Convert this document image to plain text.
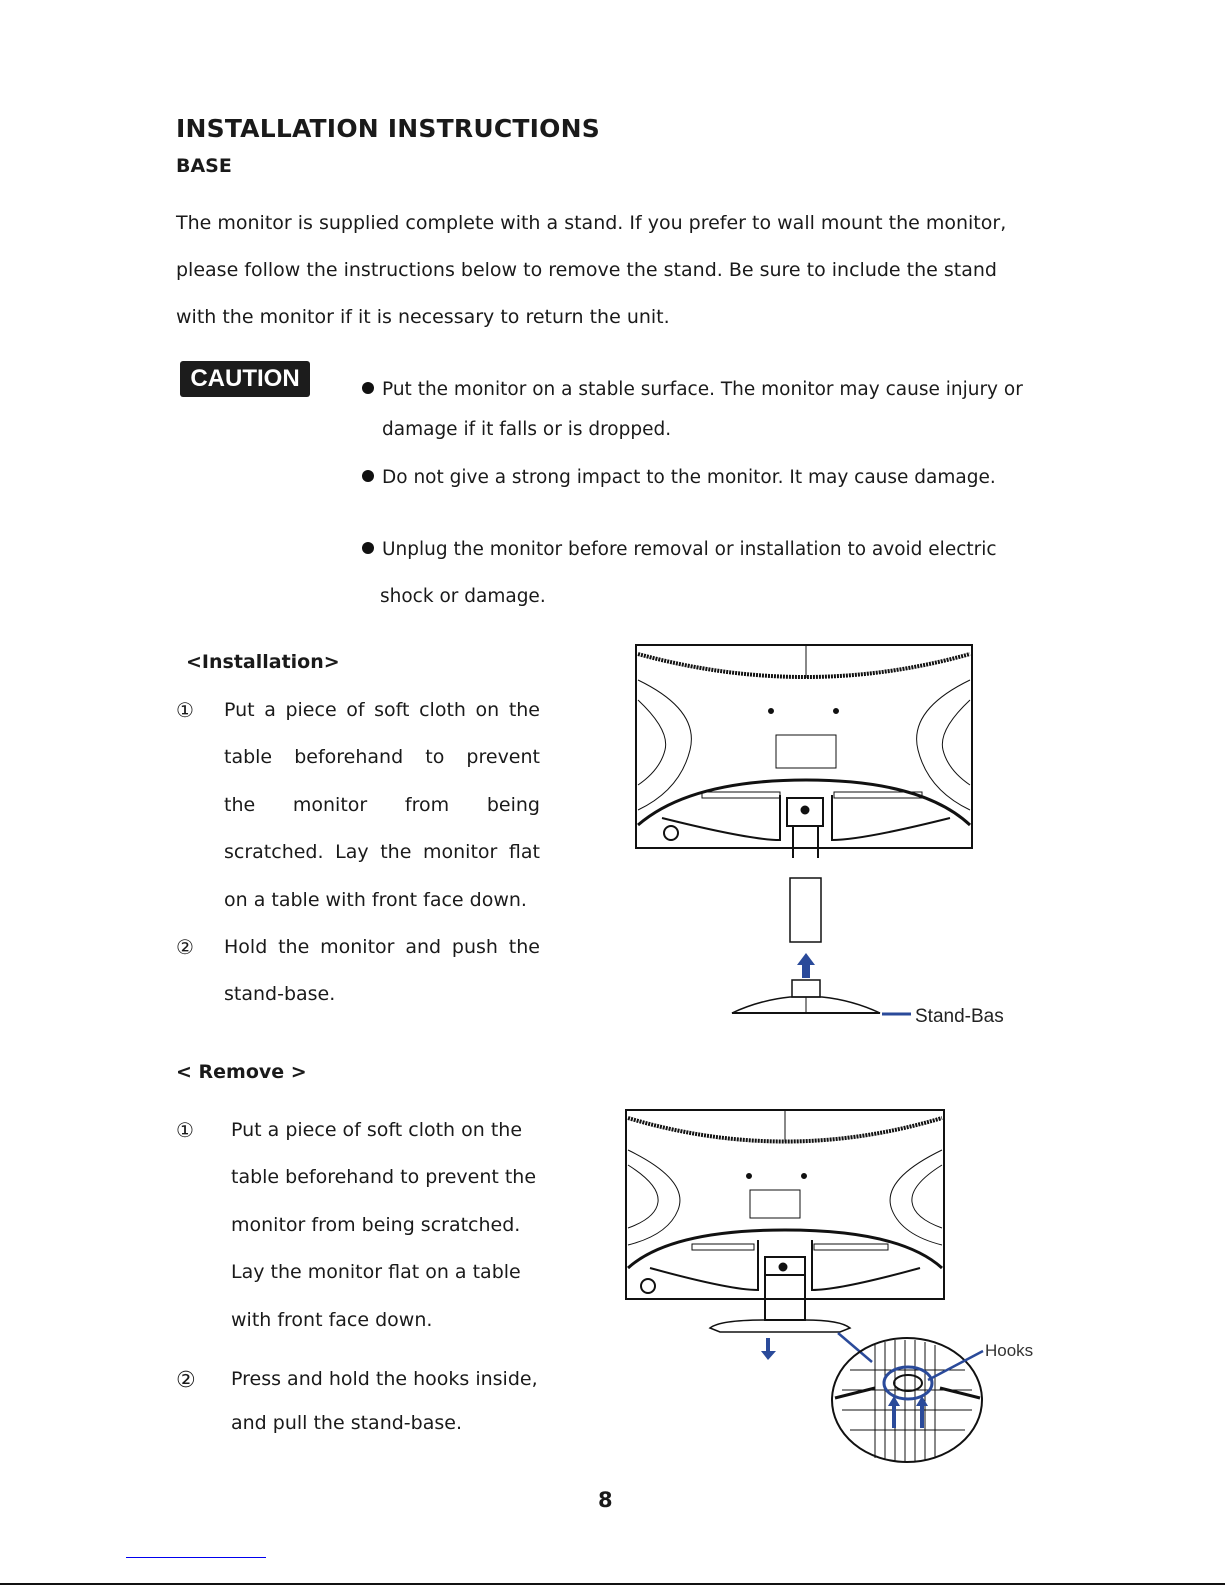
INSTALLATION INSTRUCTIONS
BASE
The monitor is supplied complete with a stand. If you prefer to wall mount the monitor,
please follow the instructions below to remove the stand. Be sure to include the stand
with the monitor if it is necessary to return the unit.
CAUTION	Put the monitor on a stable surface. The monitor may cause injury or
damage if it falls or is dropped.
Do not give a strong impact to the monitor. It may cause damage.
Unplug the monitor before removal or installation to avoid electric
shock or damage.
<Installation>
① Put a piece of soft cloth on the
table beforehand to prevent
the monitor from being
scratched. Lay the monitor flat
on a table with front face down.
② Hold the monitor and push the
stand-base.
Stand-Bas
< Remove >
① Put a piece of soft cloth on the
table beforehand to prevent the
monitor from being scratched.
Lay the monitor flat on a table
with front face down.
② Press and hold the hooks inside,
and pull the stand-base.
Hooks
8
